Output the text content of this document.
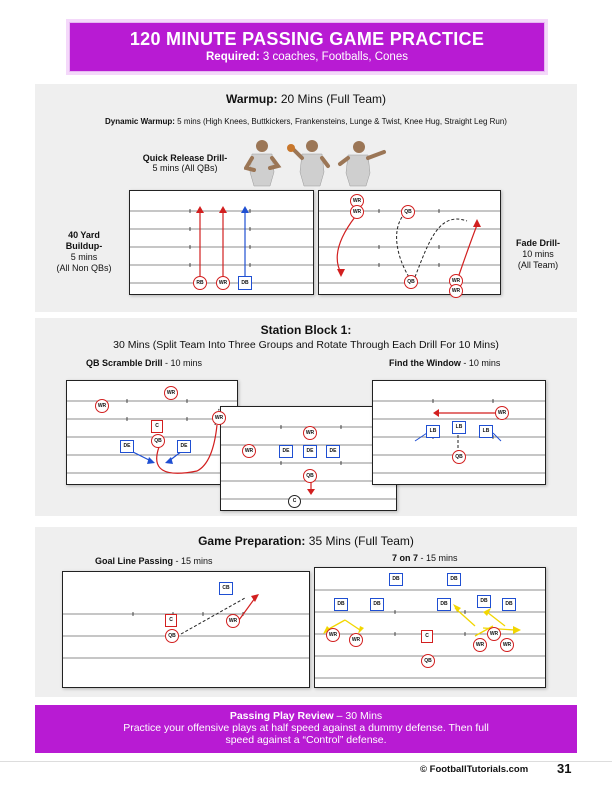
120 MINUTE PASSING GAME PRACTICE
Required: 3 coaches, Footballs, Cones
Warmup: 20 Mins (Full Team)
Dynamic Warmup: 5 mins (High Knees, Buttkickers, Frankensteins, Lunge & Twist, Knee Hug, Straight Leg Run)
Quick Release Drill-
5 mins (All QBs)
40 Yard
Buildup-
5 mins
(All Non QBs)
Fade Drill-
10 mins
(All Team)
RB	WR	DB
WR
WR	QB
QB	WR
WR
Station Block 1:
30 Mins (Split Team Into Three Groups and Rotate Through Each Drill For 10 Mins)
QB Scramble Drill - 10 mins	Find the Window - 10 mins
WR
WR
C
QB
DE	DE
WR
WR
WR	DE	DE	DE
QB
C
WR
LB
LB
LB
QB
Game Preparation: 35 Mins (Full Team)
Goal Line Passing - 15 mins	7 on 7 - 15 mins
CB
C	WR
QB
DB	DB
DB	DB	DB	DB	DB
C
QB
WR
WR
WR
WR	WR
Passing Play Review – 30 Mins
Practice your offensive plays at half speed against a dummy defense. Then full
speed against a “Control” defense.
© FootballTutorials.com 31
